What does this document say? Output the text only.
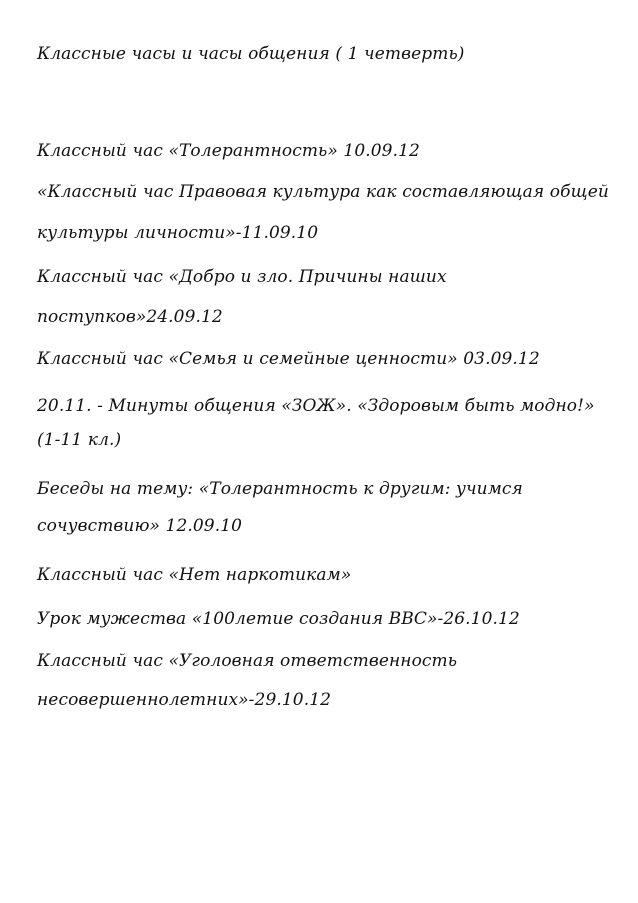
Классные часы и часы общения ( 1 четверть)
Классный час «Толерантность» 10.09.12
«Классный час Правовая культура как составляющая общей
культуры личности»-11.09.10
Классный час «Добро и зло. Причины наших
поступков»24.09.12
Классный час «Семья и семейные ценности» 03.09.12
20.11. - Минуты общения «ЗОЖ». «Здоровым быть модно!»
(1-11 кл.)
Беседы на тему: «Толерантность к другим: учимся
сочувствию» 12.09.10
Классный час «Нет наркотикам»
Урок мужества «100летие создания ВВС»-26.10.12
Классный час «Уголовная ответственность
несовершеннолетних»-29.10.12
